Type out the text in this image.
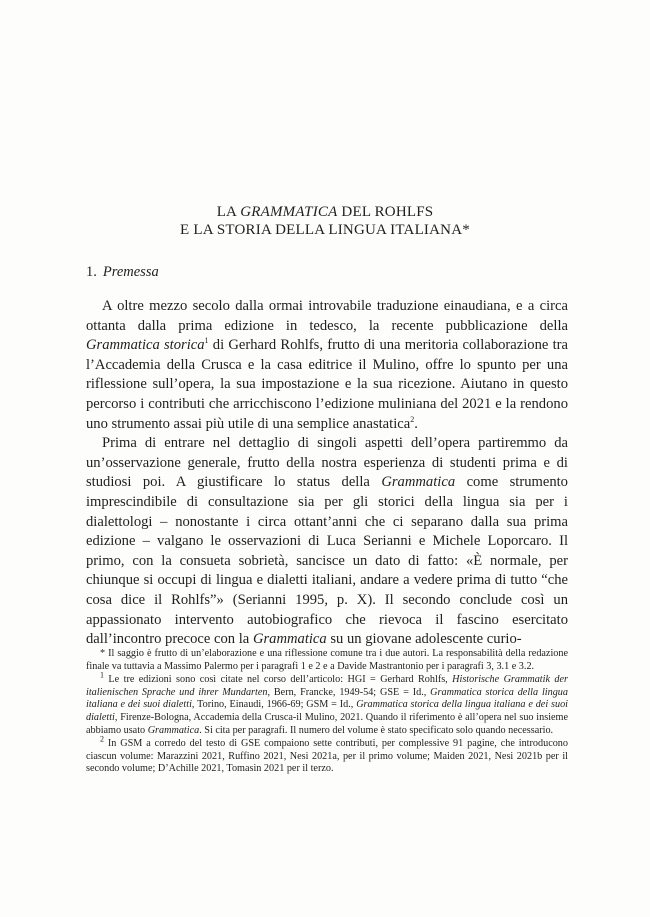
LA GRAMMATICA DEL ROHLFS
E LA STORIA DELLA LINGUA ITALIANA*
1. Premessa

A oltre mezzo secolo dalla ormai introvabile traduzione einaudiana, e a circa ottanta dalla prima edizione in tedesco, la recente pubblicazione della Grammatica storica$^1$ di Gerhard Rohlfs, frutto di una meritoria collaborazione tra l’Accademia della Crusca e la casa editrice il Mulino, offre lo spunto per una riflessione sull’opera, la sua impostazione e la sua ricezione. Aiutano in questo percorso i contributi che arricchiscono l’edizione muliniana del 2021 e la rendono uno strumento assai più utile di una semplice anastatica$^2$.

Prima di entrare nel dettaglio di singoli aspetti dell’opera partiremmo da un’osservazione generale, frutto della nostra esperienza di studenti prima e di studiosi poi. A giustificare lo status della Grammatica come strumento imprescindibile di consultazione sia per gli storici della lingua sia per i dialettologi – nonostante i circa ottant’anni che ci separano dalla sua prima edizione – valgano le osservazioni di Luca Serianni e Michele Loporcaro. Il primo, con la consueta sobrietà, sancisce un dato di fatto: «È normale, per chiunque si occupi di lingua e dialetti italiani, andare a vedere prima di tutto “che cosa dice il Rohlfs”» (Serianni 1995, p. X). Il secondo conclude così un appassionato intervento autobiografico che rievoca il fascino esercitato dall’incontro precoce con la Grammatica su un giovane adolescente curio-

* Il saggio è frutto di un’elaborazione e una riflessione comune tra i due autori. La responsabilità della redazione finale va tuttavia a Massimo Palermo per i paragrafi 1 e 2 e a Davide Mastrantonio per i paragrafi 3, 3.1 e 3.2.

$^1$ Le tre edizioni sono così citate nel corso dell’articolo: HGI = Gerhard Rohlfs, Historische Grammatik der italienischen Sprache und ihrer Mundarten, Bern, Francke, 1949-54; GSE = Id., Grammatica storica della lingua italiana e dei suoi dialetti, Torino, Einaudi, 1966-69; GSM = Id., Grammatica storica della lingua italiana e dei suoi dialetti, Firenze-Bologna, Accademia della Crusca-il Mulino, 2021. Quando il riferimento è all’opera nel suo insieme abbiamo usato Grammatica. Si cita per paragrafi. Il numero del volume è stato specificato solo quando necessario.

$^2$ In GSM a corredo del testo di GSE compaiono sette contributi, per complessive 91 pagine, che introducono ciascun volume: Marazzini 2021, Ruffino 2021, Nesi 2021a, per il primo volume; Maiden 2021, Nesi 2021b per il secondo volume; D’Achille 2021, Tomasin 2021 per il terzo.
